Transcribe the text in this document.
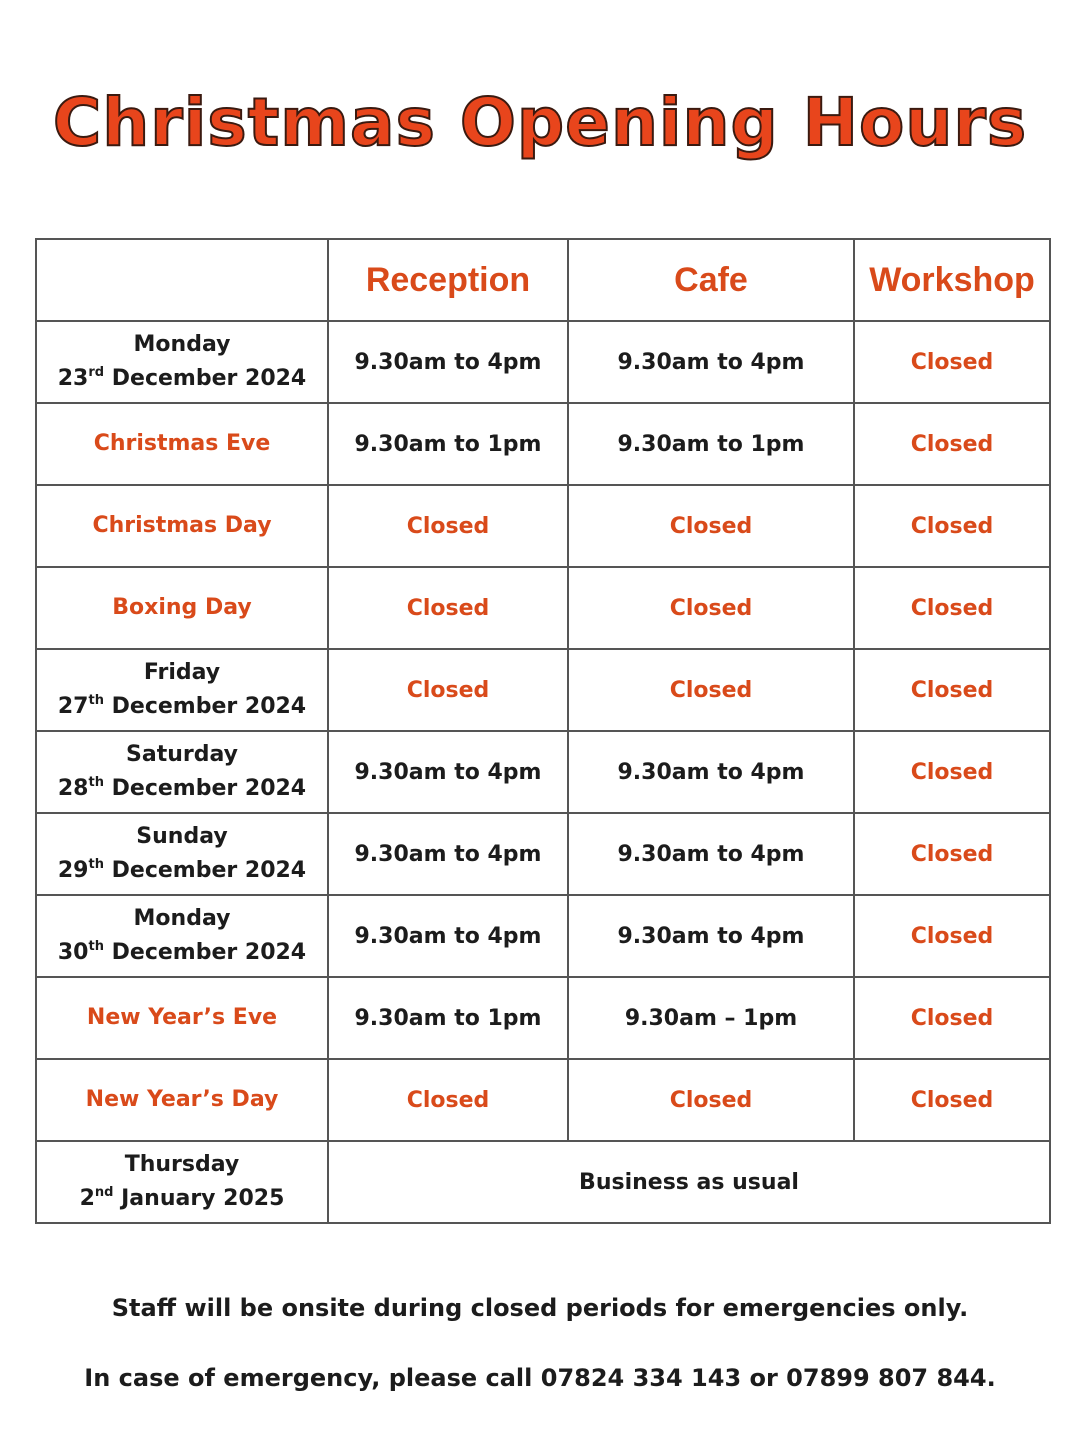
Christmas Opening Hours
	Reception	Cafe	Workshop
Monday
23rd December 2024	9.30am to 4pm	9.30am to 4pm	Closed
Christmas Eve	9.30am to 1pm	9.30am to 1pm	Closed
Christmas Day	Closed	Closed	Closed
Boxing Day	Closed	Closed	Closed
Friday
27th December 2024	Closed	Closed	Closed
Saturday
28th December 2024	9.30am to 4pm	9.30am to 4pm	Closed
Sunday
29th December 2024	9.30am to 4pm	9.30am to 4pm	Closed
Monday
30th December 2024	9.30am to 4pm	9.30am to 4pm	Closed
New Year’s Eve	9.30am to 1pm	9.30am – 1pm	Closed
New Year’s Day	Closed	Closed	Closed
Thursday
2nd January 2025	Business as usual		
Staff will be onsite during closed periods for emergencies only.
In case of emergency, please call 07824 334 143 or 07899 807 844.
